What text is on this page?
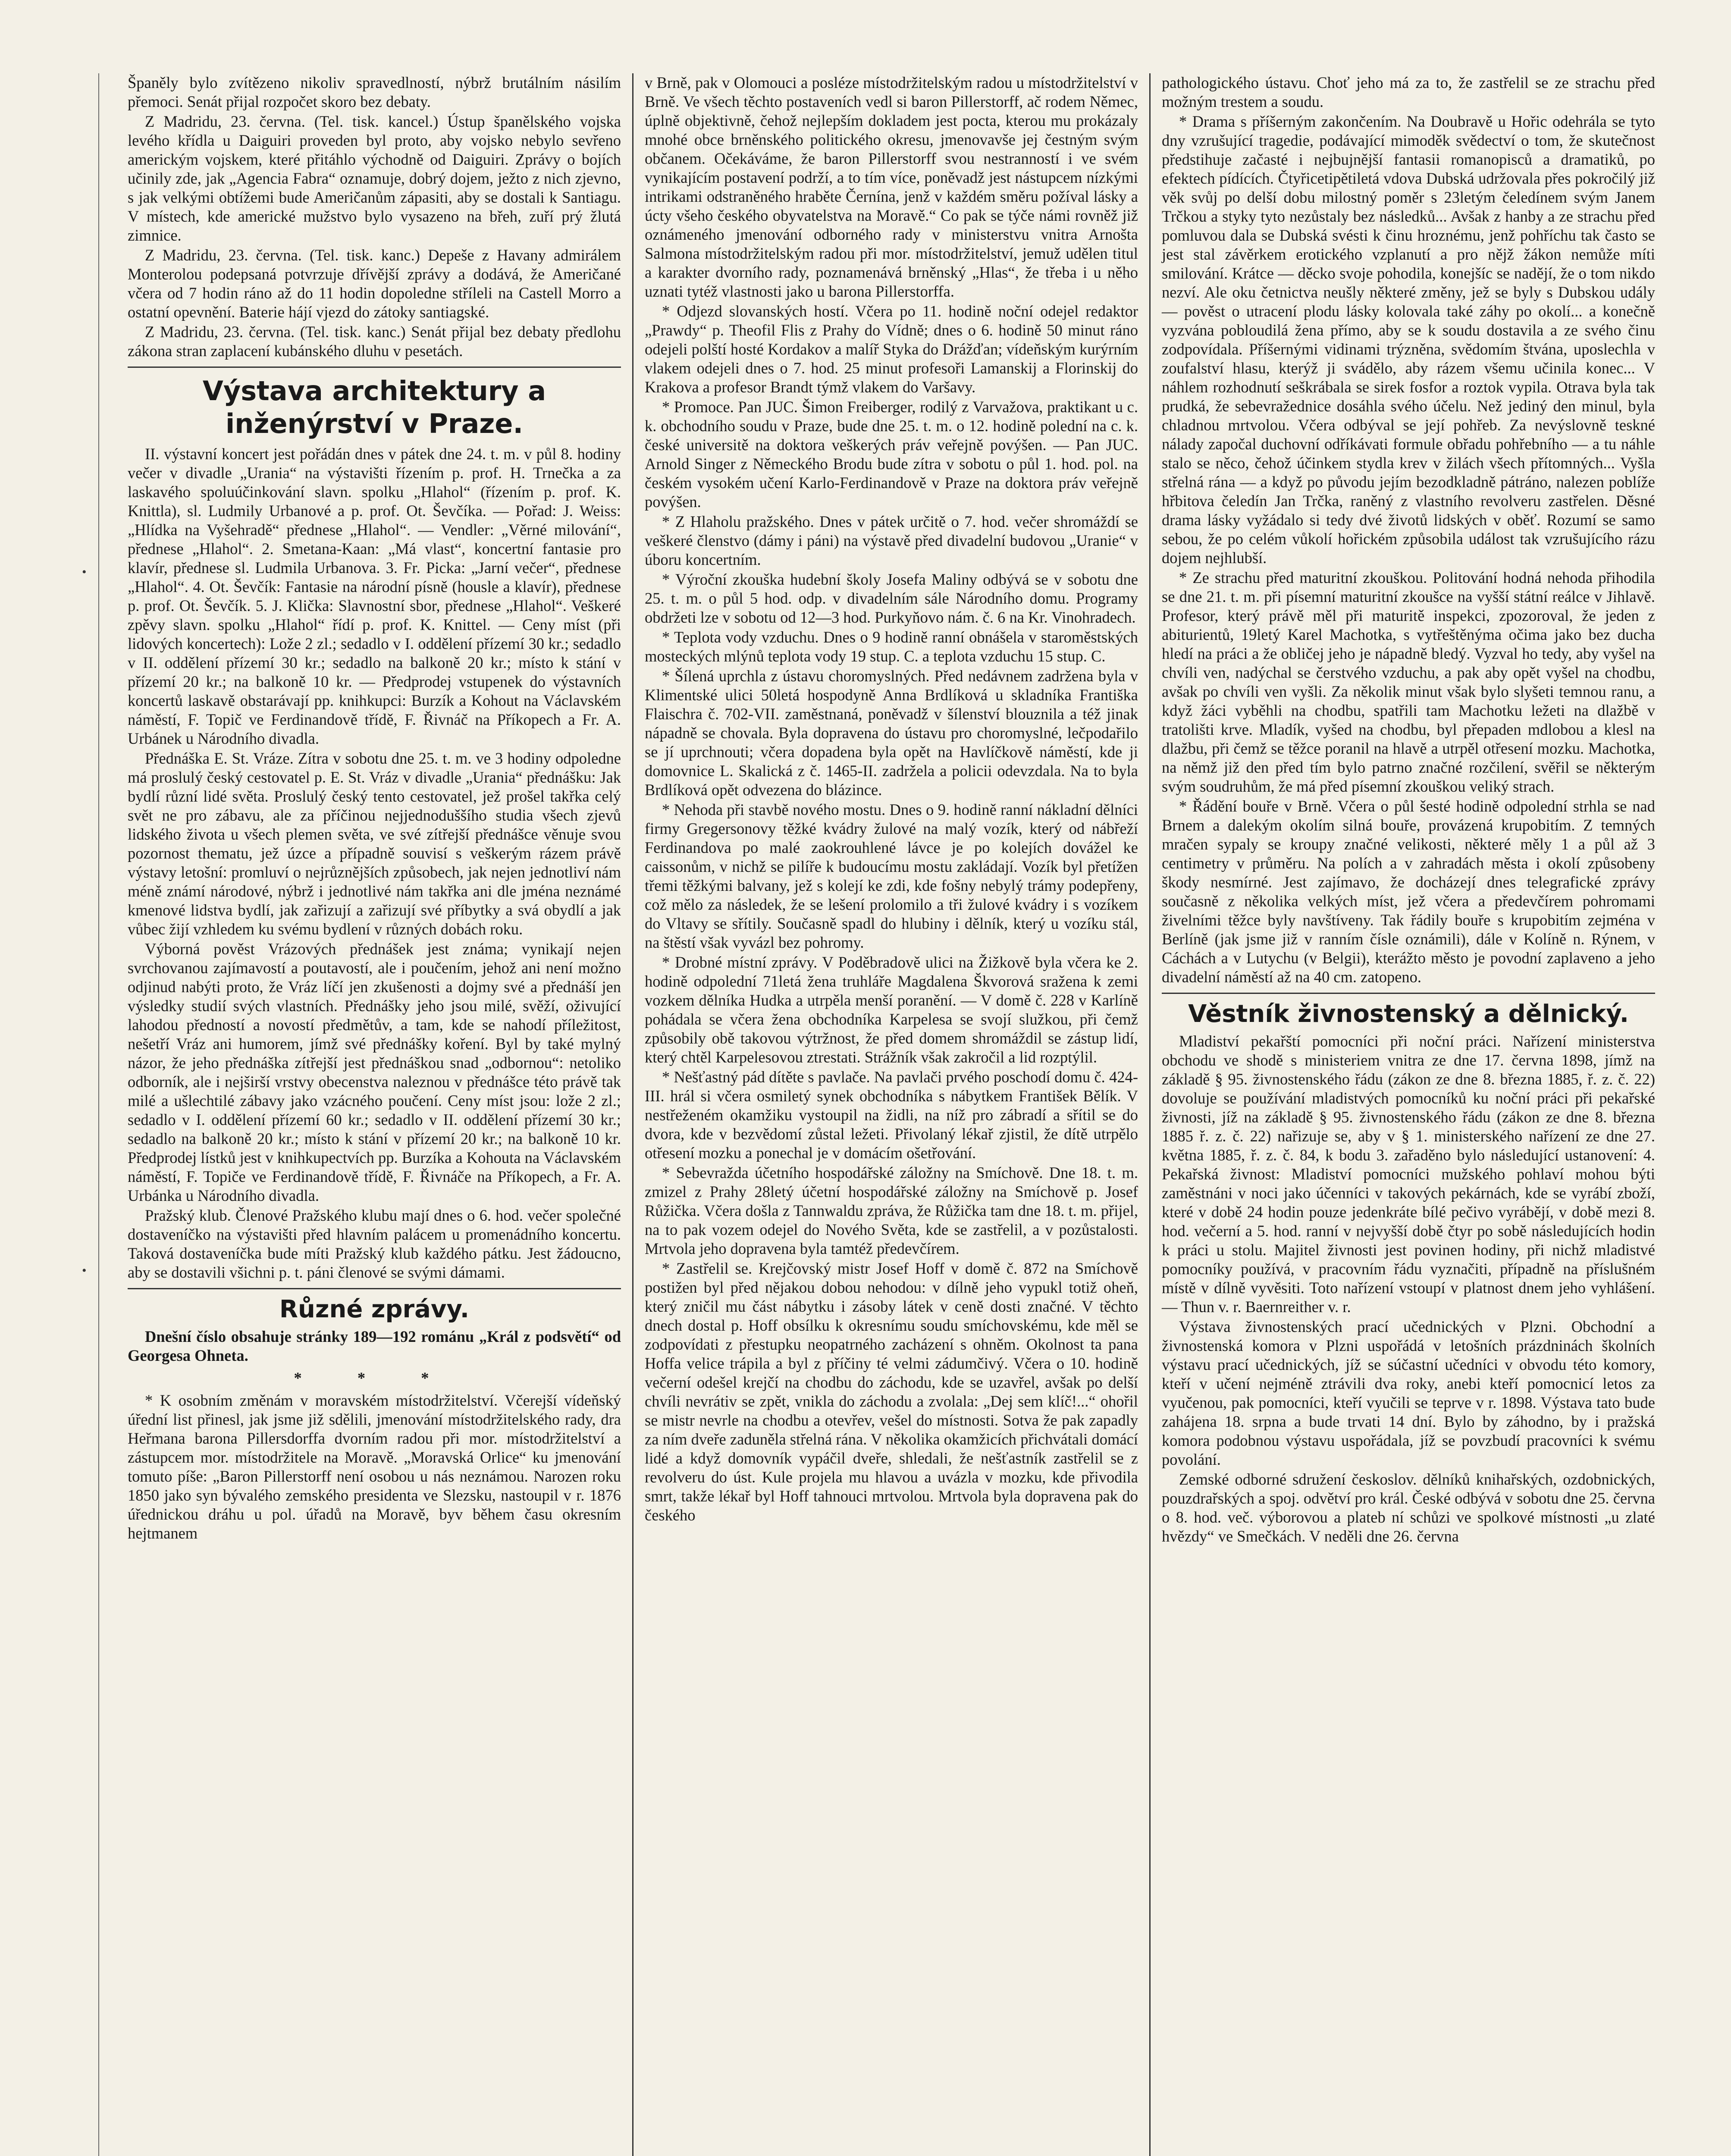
•
•

Španěly bylo zvítězeno nikoliv spravedlností, nýbrž brutálním násilím přemoci. Senát přijal rozpočet skoro bez debaty.

Z Madridu, 23. června. (Tel. tisk. kancel.) Ústup španělského vojska levého křídla u Daiguiri proveden byl proto, aby vojsko nebylo sevřeno americkým vojskem, které přitáhlo východně od Daiguiri. Zprávy o bojích učinily zde, jak „Agencia Fabra“ oznamuje, dobrý dojem, ježto z nich zjevno, s jak velkými obtížemi bude Američanům zápasiti, aby se dostali k Santiagu. V místech, kde americké mužstvo bylo vysazeno na břeh, zuří prý žlutá zimnice.

Z Madridu, 23. června. (Tel. tisk. kanc.) Depeše z Havany admirálem Monterolou podepsaná potvrzuje dřívější zprávy a dodává, že Američané včera od 7 hodin ráno až do 11 hodin dopoledne stříleli na Castell Morro a ostatní opevnění. Baterie hájí vjezd do zátoky santiagské.

Z Madridu, 23. června. (Tel. tisk. kanc.) Senát přijal bez debaty předlohu zákona stran zaplacení kubánského dluhu v pesetách.

Výstava architektury a inženýrství v Praze.

II. výstavní koncert jest pořádán dnes v pátek dne 24. t. m. v půl 8. hodiny večer v divadle „Urania“ na výstavišti řízením p. prof. H. Trnečka a za laskavého spoluúčinkování slavn. spolku „Hlahol“ (řízením p. prof. K. Knittla), sl. Ludmily Urbanové a p. prof. Ot. Ševčíka. — Pořad: J. Weiss: „Hlídka na Vyšehradě“ přednese „Hlahol“. — Vendler: „Věrné milování“, přednese „Hlahol“. 2. Smetana-Kaan: „Má vlast“, koncertní fantasie pro klavír, přednese sl. Ludmila Urbanova. 3. Fr. Picka: „Jarní večer“, přednese „Hlahol“. 4. Ot. Ševčík: Fantasie na národní písně (housle a klavír), přednese p. prof. Ot. Ševčík. 5. J. Klička: Slavnostní sbor, přednese „Hlahol“. Veškeré zpěvy slavn. spolku „Hlahol“ řídí p. prof. K. Knittel. — Ceny míst (při lidových koncertech): Lože 2 zl.; sedadlo v I. oddělení přízemí 30 kr.; sedadlo v II. oddělení přízemí 30 kr.; sedadlo na balkoně 20 kr.; místo k stání v přízemí 20 kr.; na balkoně 10 kr. — Předprodej vstupenek do výstavních koncertů laskavě obstarávají pp. knihkupci: Burzík a Kohout na Václavském náměstí, F. Topič ve Ferdinandově třídě, F. Řivnáč na Příkopech a Fr. A. Urbánek u Národního divadla.

Přednáška E. St. Vráze. Zítra v sobotu dne 25. t. m. ve 3 hodiny odpoledne má proslulý český cestovatel p. E. St. Vráz v divadle „Urania“ přednášku: Jak bydlí různí lidé světa. Proslulý český tento cestovatel, jež prošel takřka celý svět ne pro zábavu, ale za příčinou nejjednoduššího studia všech zjevů lidského života u všech plemen světa, ve své zítřejší přednášce věnuje svou pozornost thematu, jež úzce a případně souvisí s veškerým rázem právě výstavy letošní: promluví o nejrůznějších způsobech, jak nejen jednotliví nám méně známí národové, nýbrž i jednotlivé nám takřka ani dle jména neznámé kmenové lidstva bydlí, jak zařizují a zařizují své příbytky a svá obydlí a jak vůbec žijí vzhledem ku svému bydlení v různých dobách roku.

Výborná pověst Vrázových přednášek jest známa; vynikají nejen svrchovanou zajímavostí a poutavostí, ale i poučením, jehož ani není možno odjinud nabýti proto, že Vráz líčí jen zkušenosti a dojmy své a přednáší jen výsledky studií svých vlastních. Přednášky jeho jsou milé, svěží, oživující lahodou předností a novostí předmětův, a tam, kde se nahodí příležitost, nešetří Vráz ani humorem, jímž své přednášky koření. Byl by také mylný názor, že jeho přednáška zítřejší jest přednáškou snad „odbornou“: netoliko odborník, ale i nejširší vrstvy obecenstva naleznou v přednášce této právě tak milé a ušlechtilé zábavy jako vzácného poučení. Ceny míst jsou: lože 2 zl.; sedadlo v I. oddělení přízemí 60 kr.; sedadlo v II. oddělení přízemí 30 kr.; sedadlo na balkoně 20 kr.; místo k stání v přízemí 20 kr.; na balkoně 10 kr. Předprodej lístků jest v knihkupectvích pp. Burzíka a Kohouta na Václavském náměstí, F. Topiče ve Ferdinandově třídě, F. Řivnáče na Příkopech, a Fr. A. Urbánka u Národního divadla.

Pražský klub. Členové Pražského klubu mají dnes o 6. hod. večer společné dostaveníčko na výstavišti před hlavním palácem u promenádního koncertu. Taková dostaveníčka bude míti Pražský klub každého pátku. Jest žádoucno, aby se dostavili všichni p. t. páni členové se svými dámami.

Různé zprávy.

Dnešní číslo obsahuje stránky 189—192 románu „Král z podsvětí“ od Georgesa Ohneta.

* * *

* K osobním změnám v moravském místodržitelství. Včerejší vídeňský úřední list přinesl, jak jsme již sdělili, jmenování místodržitelského rady, dra Heřmana barona Pillersdorffa dvorním radou při mor. místodržitelství a zástupcem mor. místodržitele na Moravě. „Moravská Orlice“ ku jmenování tomuto píše: „Baron Pillerstorff není osobou u nás neznámou. Narozen roku 1850 jako syn bývalého zemského presidenta ve Slezsku, nastoupil v r. 1876 úřednickou dráhu u pol. úřadů na Moravě, byv během času okresním hejtmanem

v Brně, pak v Olomouci a posléze místodržitelským radou u místodržitelství v Brně. Ve všech těchto postaveních vedl si baron Pillerstorff, ač rodem Němec, úplně objektivně, čehož nejlepším dokladem jest poctа, kterou mu prokázaly mnohé obce brněnského politického okresu, jmenovavše jej čestným svým občanem. Očekáváme, že baron Pillerstorff svou nestranností i ve svém vynikajícím postavení podrží, a to tím více, poněvadž jest nástupcem nízkými intrikami odstraněného hraběte Černína, jenž v každém směru požíval lásky a úcty všeho českého obyvatelstva na Moravě.“ Co pak se týče námi rovněž již oznámeného jmenování odborného rady v ministerstvu vnitra Arnošta Salmona místodržitelským radou při mor. místodržitelství, jemuž udělen titul a karakter dvorního rady, poznamenává brněnský „Hlas“, že třeba i u něho uznati tytéž vlastnosti jako u barona Pillerstorffa.

* Odjezd slovanských hostí. Včera po 11. hodině noční odejel redaktor „Prawdy“ p. Theofil Flis z Prahy do Vídně; dnes o 6. hodině 50 minut ráno odejeli polští hosté Kordakov a malíř Styka do Drážďan; vídeňským kurýrním vlakem odejeli dnes o 7. hod. 25 minut profesoři Lamanskij a Florinskij do Krakova a profesor Brandt týmž vlakem do Varšavy.

* Promoce. Pan JUC. Šimon Freiberger, rodilý z Varvažova, praktikant u c. k. obchodního soudu v Praze, bude dne 25. t. m. o 12. hodině polední na c. k. české universitě na doktora veškerých práv veřejně povýšen. — Pan JUC. Arnold Singer z Německého Brodu bude zítra v sobotu o půl 1. hod. pol. na českém vysokém učení Karlo-Ferdinandově v Praze na doktora práv veřejně povýšen.

* Z Hlaholu pražského. Dnes v pátek určitě o 7. hod. večer shromáždí se veškeré členstvo (dámy i páni) na výstavě před divadelní budovou „Uranie“ v úboru koncertním.

* Výroční zkouška hudební školy Josefa Maliny odbývá se v sobotu dne 25. t. m. o půl 5 hod. odp. v divadelním sále Národního domu. Programy obdržeti lze v sobotu od 12—3 hod. Purkyňovo nám. č. 6 na Kr. Vinohradech.

* Teplota vody vzduchu. Dnes o 9 hodině ranní obnášela v staroměstských mosteckých mlýnů teplota vody 19 stup. C. a teplota vzduchu 15 stup. C.

* Šílená uprchla z ústavu choromyslných. Před nedávnem zadržena byla v Klimentské ulici 50letá hospodyně Anna Brdlíková u skladníka Františka Flaischra č. 702-VII. zaměstnaná, poněvadž v šílenství blouznila a též jinak nápadně se chovala. Byla dopravena do ústavu pro choromyslné, lečpodařilo se jí uprchnouti; včera dopadena byla opět na Havlíčkově náměstí, kde ji domovnice L. Skalická z č. 1465-II. zadržela a policii odevzdala. Na to byla Brdlíková opět odvezena do blázince.

* Nehoda při stavbě nového mostu. Dnes o 9. hodině ranní nákladní dělníci firmy Gregersonovy těžké kvádry žulové na malý vozík, který od nábřeží Ferdinandova po malé zaokrouhlené lávce je po kolejích dovážel ke caissonům, v nichž se pilíře k budoucímu mostu zakládají. Vozík byl přetížen třemi těžkými balvany, jež s kolejí ke zdi, kde fošny nebylý trámy podepřeny, což mělo za následek, že se lešení prolomilo a tři žulové kvádry i s vozíkem do Vltavy se sřítily. Současně spadl do hlubiny i dělník, který u vozíku stál, na štěstí však vyvázl bez pohromy.

* Drobné místní zprávy. V Poděbradově ulici na Žižkově byla včera ke 2. hodině odpolední 71letá žena truhláře Magdalena Škvorová sražena k zemi vozkem dělníka Hudka a utrpěla menší poranění. — V domě č. 228 v Karlíně pohádala se včera žena obchodníka Karpelesa se svojí služkou, při čemž způsobily obě takovou výtržnost, že před domem shromáždil se zástup lidí, který chtěl Karpelesovou ztrestati. Strážník však zakročil a lid rozptýlil.

* Nešťastný pád dítěte s pavlače. Na pavlači prvého poschodí domu č. 424-III. hrál si včera osmiletý synek obchodníka s nábytkem František Bělík. V nestřeženém okamžiku vystoupil na židli, na níž pro zábradí a sřítil se do dvora, kde v bezvědomí zůstal ležeti. Přivolaný lékař zjistil, že dítě utrpělo otřesení mozku a ponechal je v domácím ošetřování.

* Sebevražda účetního hospodářské záložny na Smíchově. Dne 18. t. m. zmizel z Prahy 28letý účetní hospodářské záložny na Smíchově p. Josef Růžička. Včera došla z Tannwaldu zpráva, že Růžička tam dne 18. t. m. přijel, na to pak vozem odejel do Nového Světa, kde se zastřelil, a v pozůstalosti. Mrtvola jeho dopravena byla tamtéž předevčírem.

* Zastřelil se. Krejčovský mistr Josef Hoff v domě č. 872 na Smíchově postižen byl před nějakou dobou nehodou: v dílně jeho vypukl totiž oheň, který zničil mu část nábytku i zásoby látek v ceně dosti značné. V těchto dnech dostal p. Hoff obsílku k okresnímu soudu smíchovskému, kde měl se zodpovídati z přestupku neopatrného zacházení s ohněm. Okolnost ta pana Hoffa velice trápila a byl z příčiny té velmi zádumčivý. Včera o 10. hodině večerní odešel krejčí na chodbu do záchodu, kde se uzavřel, avšak po delší chvíli nevrátiv se zpět, vnikla do záchodu a zvolala: „Dej sem klíč!...“ ohořil se mistr nevrlе na chodbu a otevřev, vešel do místnosti. Sotva že pak zapadly za ním dveře zaduněla střelná rána. V několika okamžicích přichvátali domácí lidé a když domovník vypáčil dveře, shledali, že nešťastník zastřelil se z revolveru do úst. Kule projela mu hlavou a uvázla v mozku, kde přivodila smrt, takže lékař byl Hoff tahnouci mrtvolou. Mrtvola byla dopravena pak do českého

pathologického ústavu. Choť jeho má za to, že zastřelil se ze strachu před možným trestem a soudu.

* Drama s příšerným zakončením. Na Doubravě u Hořic odehrála se tyto dny vzrušující tragedie, podávající mimoděk svědectví o tom, že skutečnost předstihuje začasté i nejbujnější fantasii romanopisců a dramatiků, po efektech pídících. Čtyřicetipětiletá vdova Dubská udržovala přes pokročilý již věk svůj po delší dobu milostný poměr s 23letým čeledínem svým Janem Trčkou a styky tyto nezůstaly bez následků... Avšak z hanby a ze strachu před pomluvou dala se Dubská svésti k činu hroznému, jenž pohříchu tak často se jest stal závěrkem erotického vzplanutí a pro nějž žákon nemůže míti smilování. Krátce — děcko svoje pohodila, konejšíc se nadějí, že o tom nikdo nezví. Ale oku četnictva neušly některé změny, jež se byly s Dubskou udály — pověst o utracení plodu lásky kolovala také záhy po okolí... a konečně vyzvána pobloudilá žena přímo, aby se k soudu dostavila a ze svého činu zodpovídala. Příšernými vidinami trýzněna, svědomím štvána, uposlechla v zoufalství hlasu, kterýž ji svádělo, aby rázem všemu učinila konec... V náhlem rozhodnutí seškrábala se sirek fosfor a roztok vypila. Otrava byla tak prudká, že sebevražednice dosáhla svého účelu. Než jediný den minul, byla chladnou mrtvolou. Včera odbýval se její pohřeb. Za nevýslovně teskné nálady započal duchovní odříkávati formule obřadu pohřebního — a tu náhle stalo se něco, čehož účinkem stydla krev v žilách všech přítomných... Vyšla střelná rána — a když po původu jejím bezodkladně pátráno, nalezen poblíže hřbitova čeledín Jan Trčka, raněný z vlastního revolveru zastřelen. Děsné drama lásky vyžádalo si tedy dvé životů lidských v oběť. Rozumí se samo sebou, že po celém vůkolí hořickém způsobila událost tak vzrušujícího rázu dojem nejhlubší.

* Ze strachu před maturitní zkouškou. Politování hodná nehoda přihodila se dne 21. t. m. při písemní maturitní zkoušce na vyšší státní reálce v Jihlavě. Profesor, který právě měl při maturitě inspekci, zpozoroval, že jeden z abiturientů, 19letý Karel Machotka, s vytřeštěnýma očima jako bez ducha hledí na práci a že obličej jeho je nápadně bledý. Vyzval ho tedy, aby vyšel na chvíli ven, nadýchal se čerstvého vzduchu, a pak aby opět vyšel na chodbu, avšak po chvíli ven vyšli. Za několik minut však bylo slyšeti temnou ranu, a když žáci vyběhli na chodbu, spatřili tam Machotku ležeti na dlažbě v tratolišti krve. Mladík, vyšed na chodbu, byl přepaden mdlobou a klesl na dlažbu, při čemž se těžce poranil na hlavě a utrpěl otřesení mozku. Machotka, na němž již den před tím bylo patrno značné rozčilení, svěřil se některým svým soudruhům, že má před písemní zkouškou veliký strach.

* Řádění bouře v Brně. Včera o půl šesté hodině odpolední strhla se nad Brnem a dalekým okolím silná bouře, provázená krupobitím. Z temných mračen sypaly se kroupy značné velikosti, některé měly 1 a půl až 3 centimetry v průměru. Na polích a v zahradách města i okolí způsobeny škody nesmírné. Jest zajímavo, že docházejí dnes telegrafické zprávy současně z několika velkých míst, jež včera a předevčírem pohromami živelními těžce byly navštíveny. Tak řádily bouře s krupobitím zejména v Berlíně (jak jsme již v ranním čísle oznámili), dále v Kolíně n. Rýnem, v Cáchách a v Lutychu (v Belgii), kterážto město je povodní zaplaveno a jeho divadelní náměstí až na 40 cm. zatopeno.

Věstník živnostenský a dělnický.

Mladiství pekařští pomocníci při noční práci. Nařízení ministerstva obchodu ve shodě s ministeriem vnitra ze dne 17. června 1898, jímž na základě § 95. živnostenského řádu (zákon ze dne 8. března 1885, ř. z. č. 22) dovoluje se používání mladistvých pomocníků ku noční práci při pekařské živnosti, jíž na základě § 95. živnostenského řádu (zákon ze dne 8. března 1885 ř. z. č. 22) nařizuje se, aby v § 1. ministerského nařízení ze dne 27. května 1885, ř. z. č. 84, k bodu 3. zařaděno bylo následující ustanovení: 4. Pekařská živnost: Mladiství pomocníci mužského pohlaví mohou býti zaměstnáni v noci jako účenníci v takových pekárnách, kde se vyrábí zboží, které v době 24 hodin pouze jedenkráte bílé pečivo vyrábějí, v době mezi 8. hod. večerní a 5. hod. ranní v nejvyšší době čtyr po sobě následujících hodin k práci u stolu. Majitel živnosti jest povinen hodiny, při nichž mladistvé pomocníky používá, v pracovním řádu vyznačiti, případně na příslušném místě v dílně vyvěsiti. Toto nařízení vstoupí v platnost dnem jeho vyhlášení. — Thun v. r. Baernreither v. r.

Výstava živnostenských prací učednických v Plzni. Obchodní a živnostenská komora v Plzni uspořádá v letošních prázdninách školních výstavu prací učednických, jíž se súčastní učedníci v obvodu této komory, kteří v učení nejméně ztrávili dva roky, anebi kteří pomocnicí letos za vyučenou, pak pomocníci, kteří vyučili se teprve v r. 1898. Výstava tato bude zahájena 18. srpna a bude trvati 14 dní. Bylo by záhodno, by i pražská komora podobnou výstavu uspořádala, jíž se povzbudí pracovníci k svému povolání.

Zemské odborné sdružení českoslov. dělníků knihařských, ozdobnických, pouzdrařských a spoj. odvětví pro král. České odbývá v sobotu dne 25. června o 8. hod. več. výborovou a plateb ní schůzi ve spolkové místnosti „u zlaté hvězdy“ ve Smečkách. V neděli dne 26. června
